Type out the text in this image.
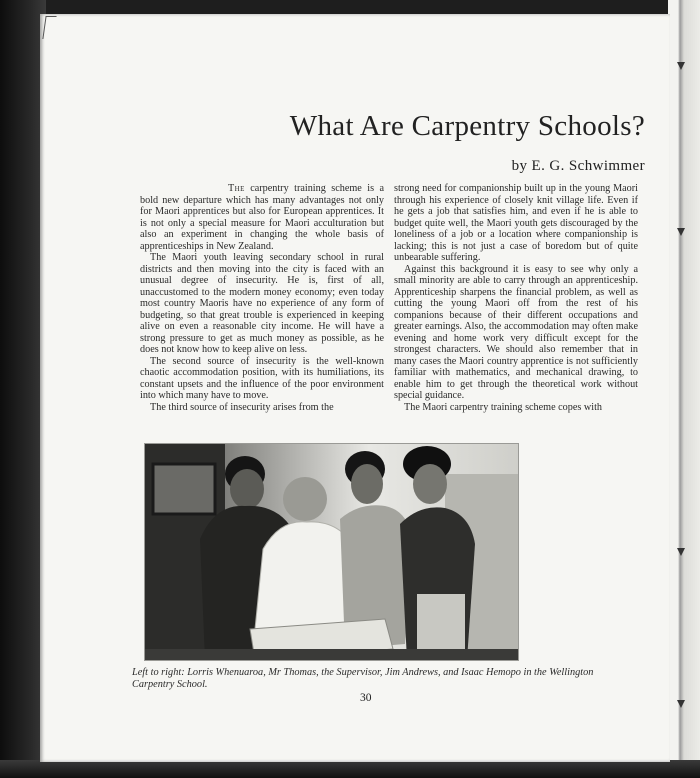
What Are Carpentry Schools?

by E. G. Schwimmer

The carpentry training scheme is a bold new departure which has many advantages not only for Maori apprentices but also for European apprentices. It is not only a special measure for Maori acculturation but also an experiment in changing the whole basis of apprenticeships in New Zealand.

The Maori youth leaving secondary school in rural districts and then moving into the city is faced with an unusual degree of insecurity. He is, first of all, unaccustomed to the modern money economy; even today most country Maoris have no experience of any form of budgeting, so that great trouble is experienced in keeping alive on even a reasonable city income. He will have a strong pressure to get as much money as possible, as he does not know how to keep alive on less.

The second source of insecurity is the well-known chaotic accommodation position, with its humiliations, its constant upsets and the influence of the poor environment into which many have to move.

The third source of insecurity arises from the

strong need for companionship built up in the young Maori through his experience of closely knit village life. Even if he gets a job that satisfies him, and even if he is able to budget quite well, the Maori youth gets discouraged by the loneliness of a job or a location where companionship is lacking; this is not just a case of boredom but of quite unbearable suffering.

Against this background it is easy to see why only a small minority are able to carry through an apprenticeship. Apprenticeship sharpens the financial problem, as well as cutting the young Maori off from the rest of his companions because of their different occupations and greater earnings. Also, the accommodation may often make evening and home work very difficult except for the strongest characters. We should also remember that in many cases the Maori country apprentice is not sufficiently familiar with mathematics, and mechanical drawing, to enable him to get through the theoretical work without special guidance.

The Maori carpentry training scheme copes with

Left to right: Lorris Whenuaroa, Mr Thomas, the Supervisor, Jim Andrews, and Isaac Hemopo in the Wellington Carpentry School.

30
